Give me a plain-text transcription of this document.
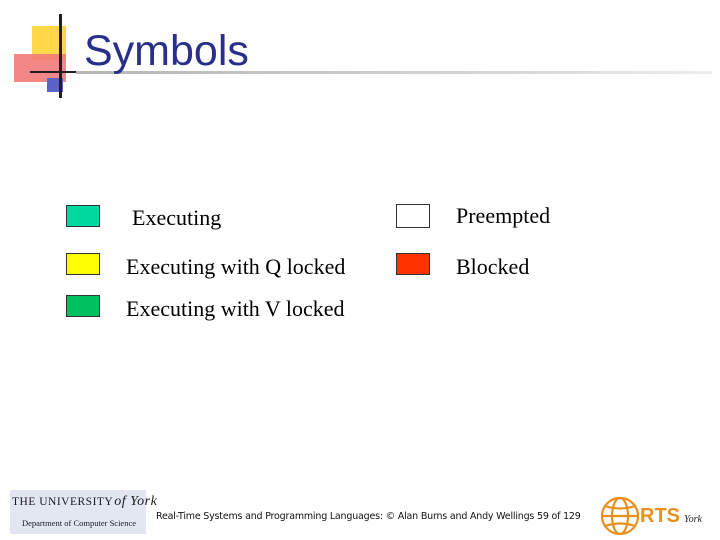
Symbols
Executing
Executing with Q locked
Executing with V locked
Preempted
Blocked
THE UNIVERSITYof York
Department of Computer Science
Real-Time Systems and Programming Languages: © Alan Burns and Andy Wellings 59 of 129	RTS York
